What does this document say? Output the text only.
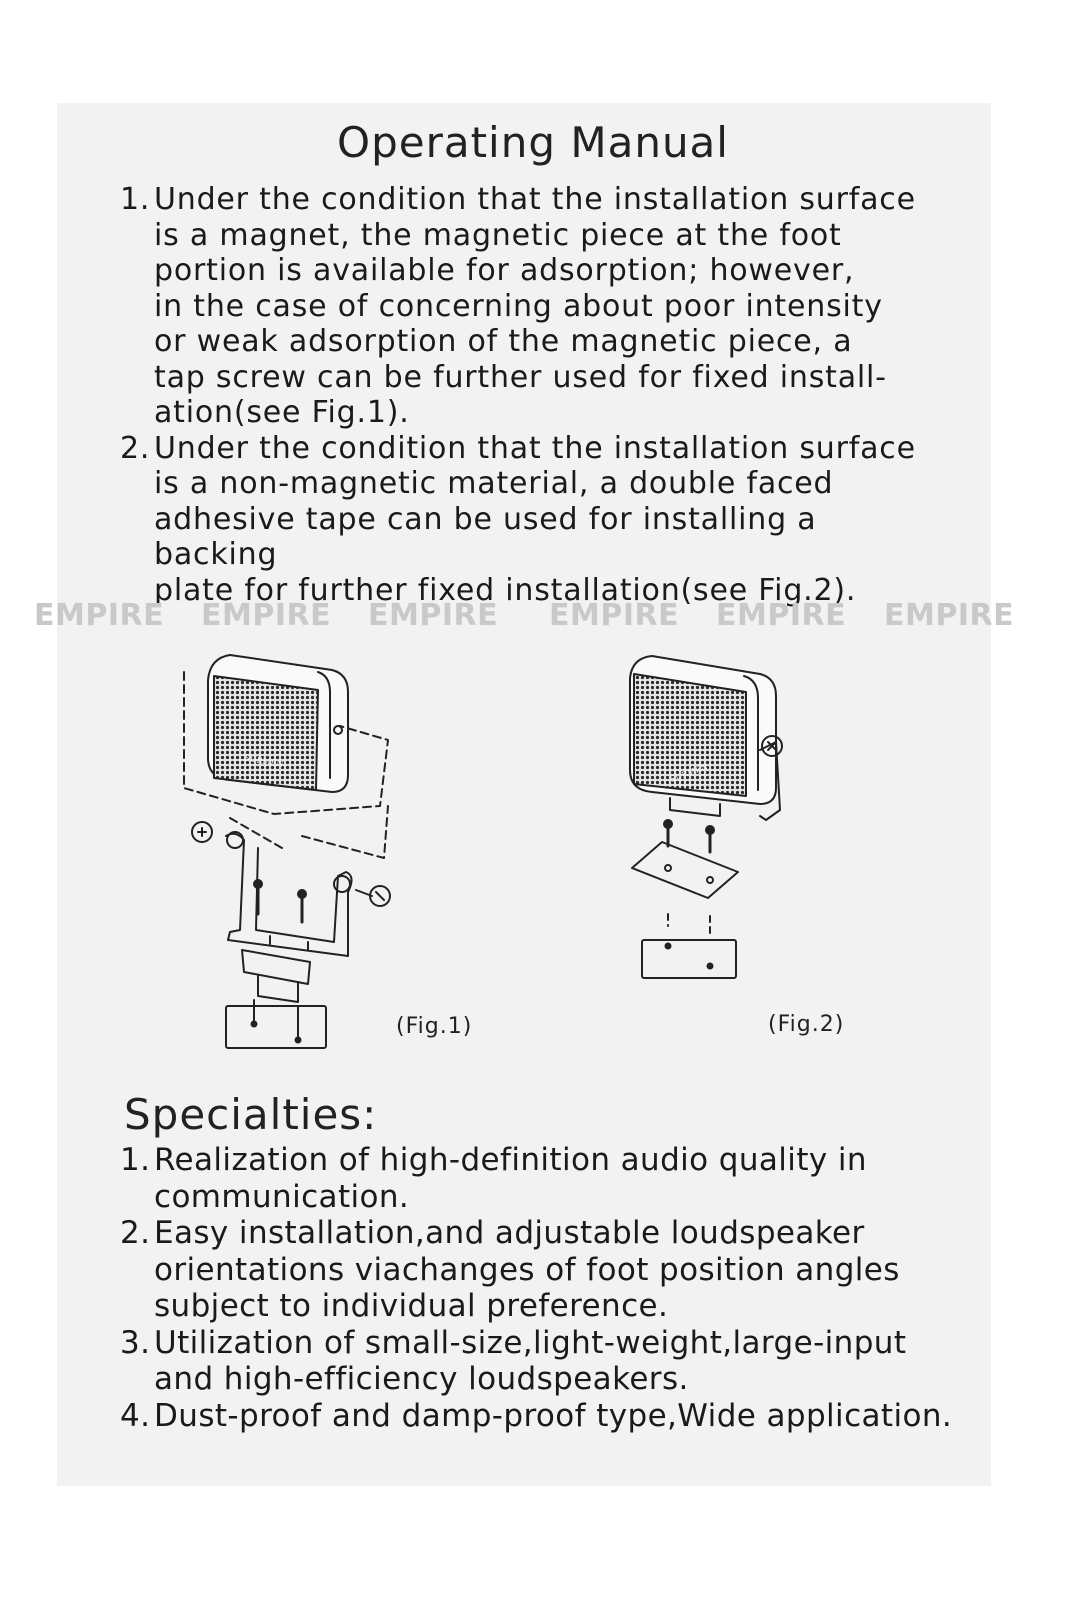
Operating Manual
1. Under the condition that the installation surface
is a magnet, the magnetic piece at the foot
portion is available for adsorption; however,
in the case of concerning about poor intensity
or weak adsorption of the magnetic piece, a
tap screw can be further used for fixed install-
ation(see Fig.1).
2. Under the condition that the installation surface
is a non-magnetic material, a double faced
adhesive tape can be used for installing a backing
plate for further fixed installation(see Fig.2).
EMPIRE EMPIRE EMPIRE EMPIRE EMPIRE EMPIRE
SURMEN
(Fig.1)
SURMEN
(Fig.2)
Specialties:
1. Realization of high-definition audio quality in
communication.
2. Easy installation,and adjustable loudspeaker
orientations viachanges of foot position angles
subject to individual preference.
3. Utilization of small-size,light-weight,large-input
and high-efficiency loudspeakers.
4. Dust-proof and damp-proof type,Wide application.
